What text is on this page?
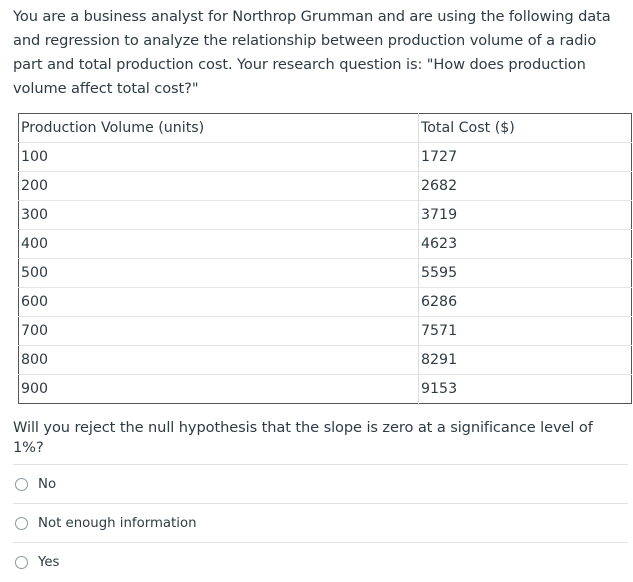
You are a business analyst for Northrop Grumman and are using the following data and regression to analyze the relationship between production volume of a radio part and total production cost. Your research question is: "How does production volume affect total cost?"
Production Volume (units)	Total Cost ($)
100	1727
200	2682
300	3719
400	4623
500	5595
600	6286
700	7571
800	8291
900	9153
Will you reject the null hypothesis that the slope is zero at a significance level of 1%?
No
Not enough information
Yes
